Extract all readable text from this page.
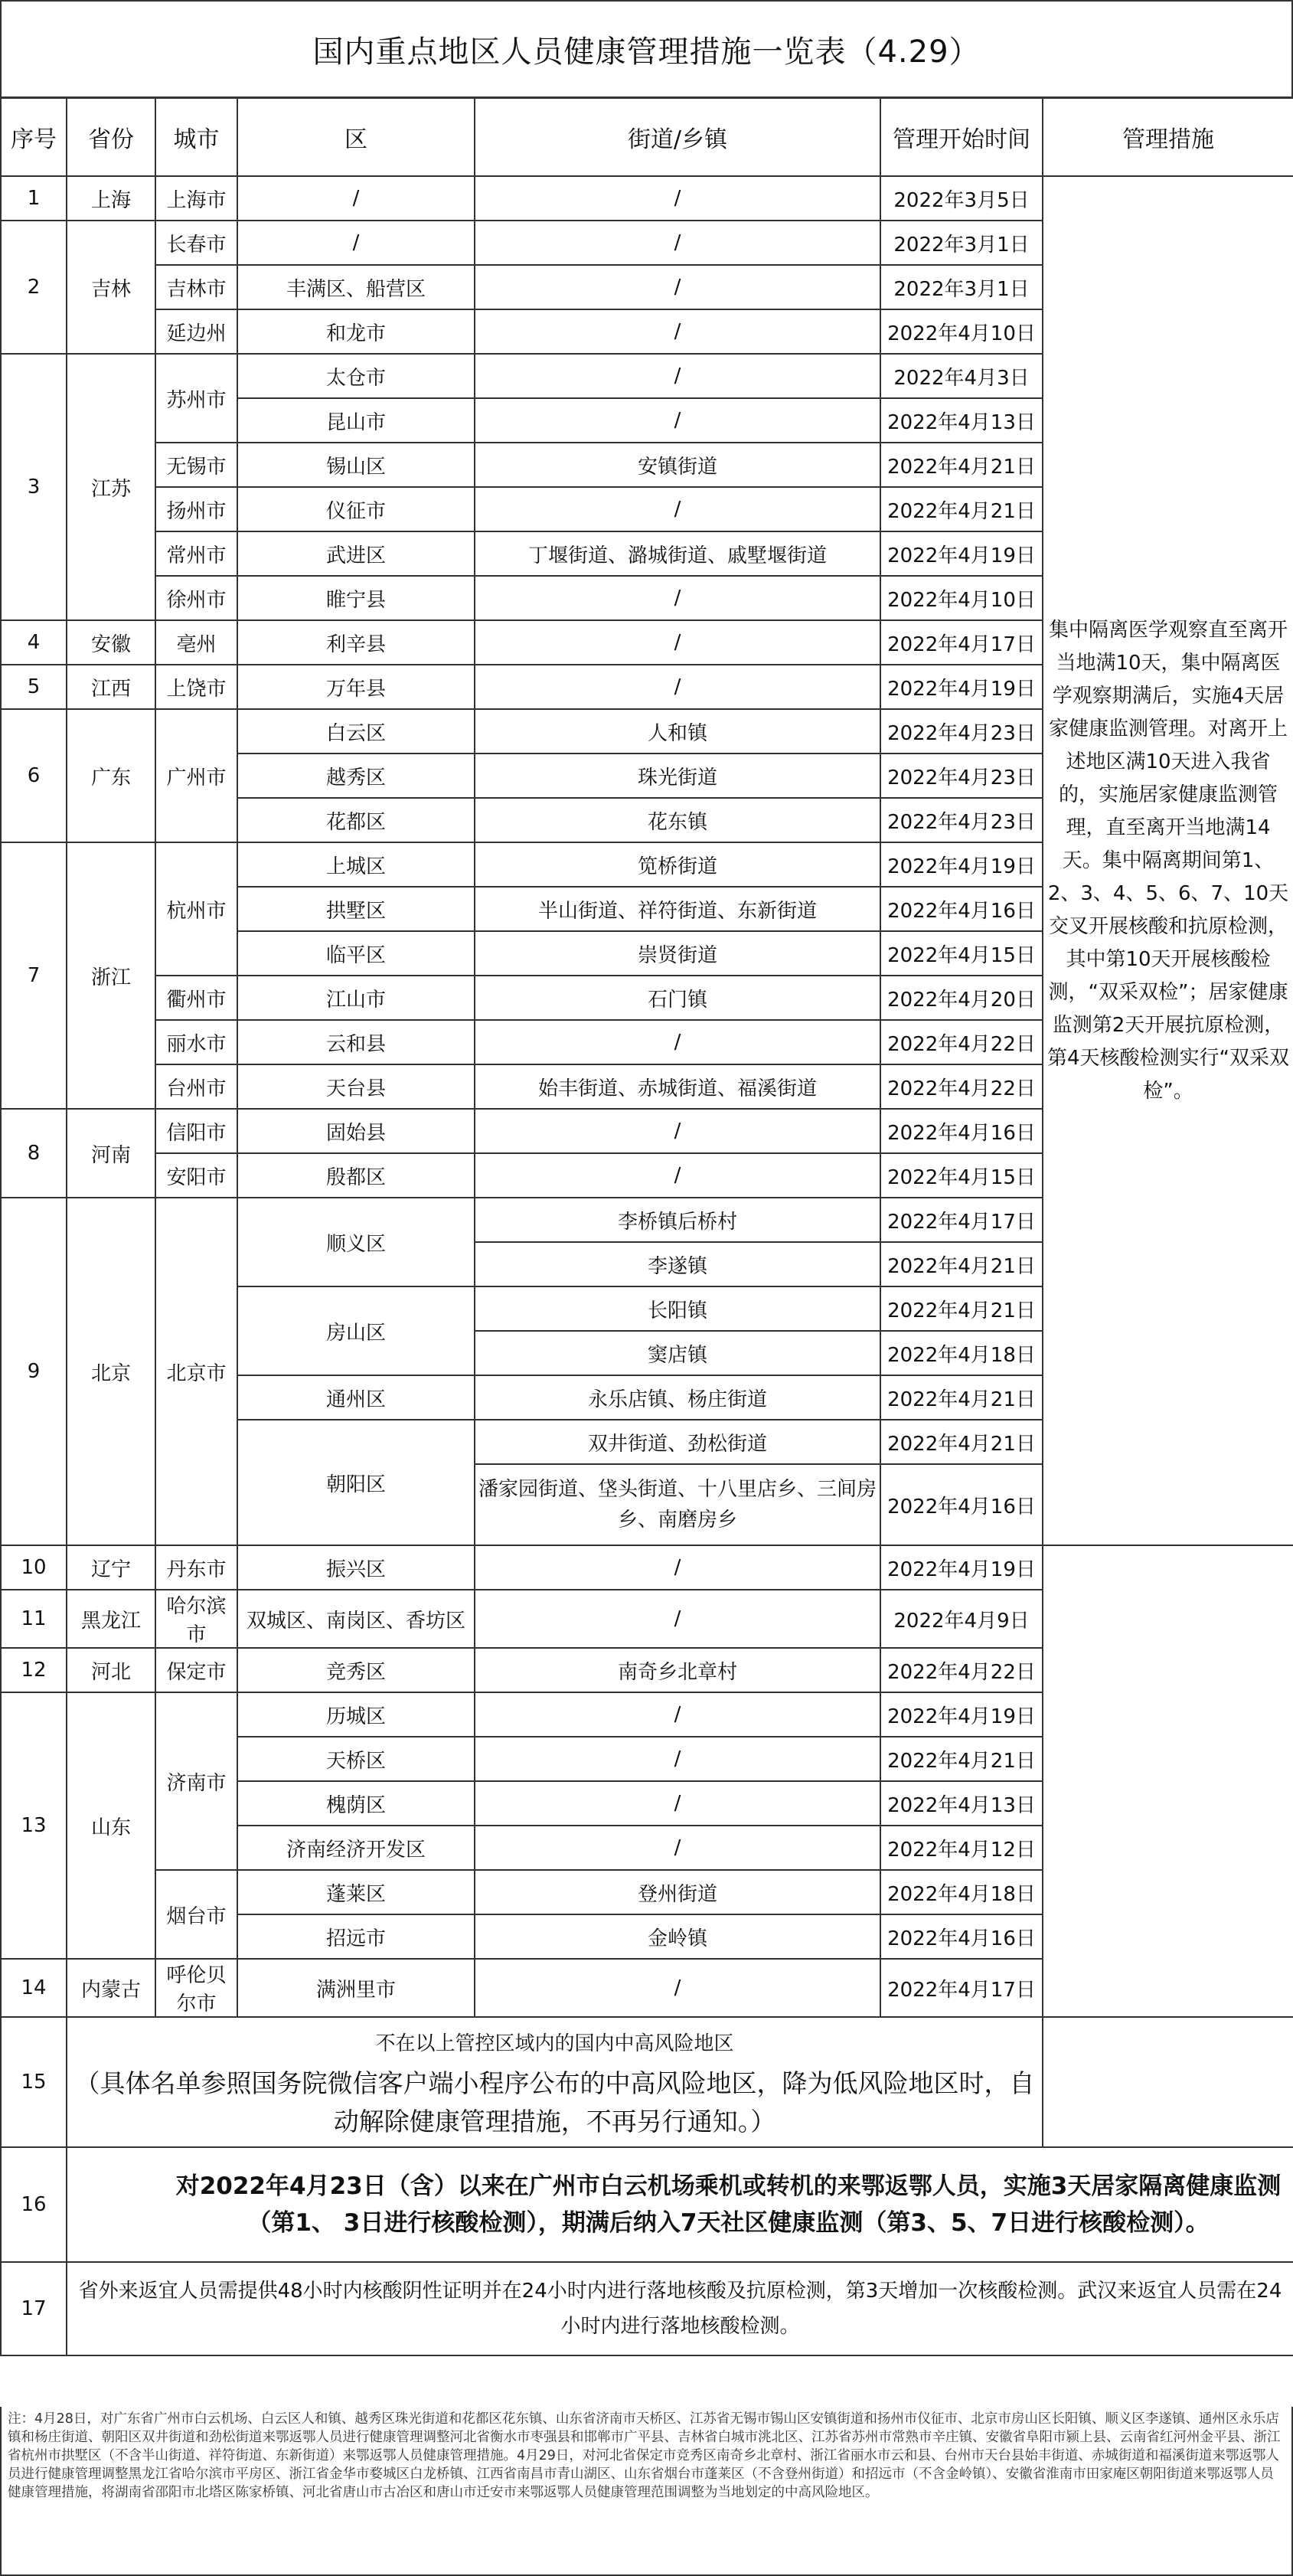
国内重点地区人员健康管理措施一览表（4.29）
序号	省份	城市	区	街道/乡镇	管理开始时间	管理措施
1	上海	上海市	/	/	2022年3月5日	集中隔离医学观察直至离开当地满10天，集中隔离医学观察期满后，实施4天居家健康监测管理。对离开上述地区满10天进入我省的，实施居家健康监测管理，直至离开当地满14天。集中隔离期间第1、2、3、4、5、6、7、10天交叉开展核酸和抗原检测，其中第10天开展核酸检测，“双采双检”；居家健康监测第2天开展抗原检测，第4天核酸检测实行“双采双检”。
2	吉林	长春市	/	/	2022年3月1日	
		吉林市	丰满区、船营区	/	2022年3月1日	
		延边州	和龙市	/	2022年4月10日	
3	江苏	苏州市	太仓市	/	2022年4月3日	
			昆山市	/	2022年4月13日	
		无锡市	锡山区	安镇街道	2022年4月21日	
		扬州市	仪征市	/	2022年4月21日	
		常州市	武进区	丁堰街道、潞城街道、戚墅堰街道	2022年4月19日	
		徐州市	睢宁县	/	2022年4月10日	
4	安徽	亳州	利辛县	/	2022年4月17日	
5	江西	上饶市	万年县	/	2022年4月19日	
6	广东	广州市	白云区	人和镇	2022年4月23日	
			越秀区	珠光街道	2022年4月23日	
			花都区	花东镇	2022年4月23日	
7	浙江	杭州市	上城区	笕桥街道	2022年4月19日	
			拱墅区	半山街道、祥符街道、东新街道	2022年4月16日	
			临平区	崇贤街道	2022年4月15日	
		衢州市	江山市	石门镇	2022年4月20日	
		丽水市	云和县	/	2022年4月22日	
		台州市	天台县	始丰街道、赤城街道、福溪街道	2022年4月22日	
8	河南	信阳市	固始县	/	2022年4月16日	
		安阳市	殷都区	/	2022年4月15日	
9	北京	北京市	顺义区	李桥镇后桥村	2022年4月17日	
				李遂镇	2022年4月21日	
			房山区	长阳镇	2022年4月21日	
				窦店镇	2022年4月18日	
			通州区	永乐店镇、杨庄街道	2022年4月21日	
			朝阳区	双井街道、劲松街道	2022年4月21日	
				潘家园街道、垡头街道、十八里店乡、三间房乡、南磨房乡	2022年4月16日	
10	辽宁	丹东市	振兴区	/	2022年4月19日	
11	黑龙江	哈尔滨市	双城区、南岗区、香坊区	/	2022年4月9日	
12	河北	保定市	竞秀区	南奇乡北章村	2022年4月22日	
13	山东	济南市	历城区	/	2022年4月19日	
			天桥区	/	2022年4月21日	
			槐荫区	/	2022年4月13日	
			济南经济开发区	/	2022年4月12日	
		烟台市	蓬莱区	登州街道	2022年4月18日	
			招远市	金岭镇	2022年4月16日	
14	内蒙古	呼伦贝尔市	满洲里市	/	2022年4月17日	
15	不在以上管控区域内的国内中高风险地区
（具体名单参照国务院微信客户端小程序公布的中高风险地区，降为低风险地区时，自动解除健康管理措施，不再另行通知。）					

16	对2022年4月23日（含）以来在广州市白云机场乘机或转机的来鄂返鄂人员，实施3天居家隔离健康监测（第1、 3日进行核酸检测），期满后纳入7天社区健康监测（第3、5、7日进行核酸检测）。					
17	省外来返宜人员需提供48小时内核酸阴性证明并在24小时内进行落地核酸及抗原检测，第3天增加一次核酸检测。武汉来返宜人员需在24小时内进行落地核酸检测。					
注：4月28日，对广东省广州市白云机场、白云区人和镇、越秀区珠光街道和花都区花东镇、山东省济南市天桥区、江苏省无锡市锡山区安镇街道和扬州市仪征市、北京市房山区长阳镇、顺义区李遂镇、通州区永乐店镇和杨庄街道、朝阳区双井街道和劲松街道来鄂返鄂人员进行健康管理调整河北省衡水市枣强县和邯郸市广平县、吉林省白城市洮北区、江苏省苏州市常熟市辛庄镇、安徽省阜阳市颍上县、云南省红河州金平县、浙江省杭州市拱墅区（不含半山街道、祥符街道、东新街道）来鄂返鄂人员健康管理措施。4月29日，对河北省保定市竞秀区南奇乡北章村、浙江省丽水市云和县、台州市天台县始丰街道、赤城街道和福溪街道来鄂返鄂人员进行健康管理调整黑龙江省哈尔滨市平房区、浙江省金华市婺城区白龙桥镇、江西省南昌市青山湖区、山东省烟台市蓬莱区（不含登州街道）和招远市（不含金岭镇）、安徽省淮南市田家庵区朝阳街道来鄂返鄂人员健康管理措施，将湖南省邵阳市北塔区陈家桥镇、河北省唐山市古冶区和唐山市迁安市来鄂返鄂人员健康管理范围调整为当地划定的中高风险地区。
